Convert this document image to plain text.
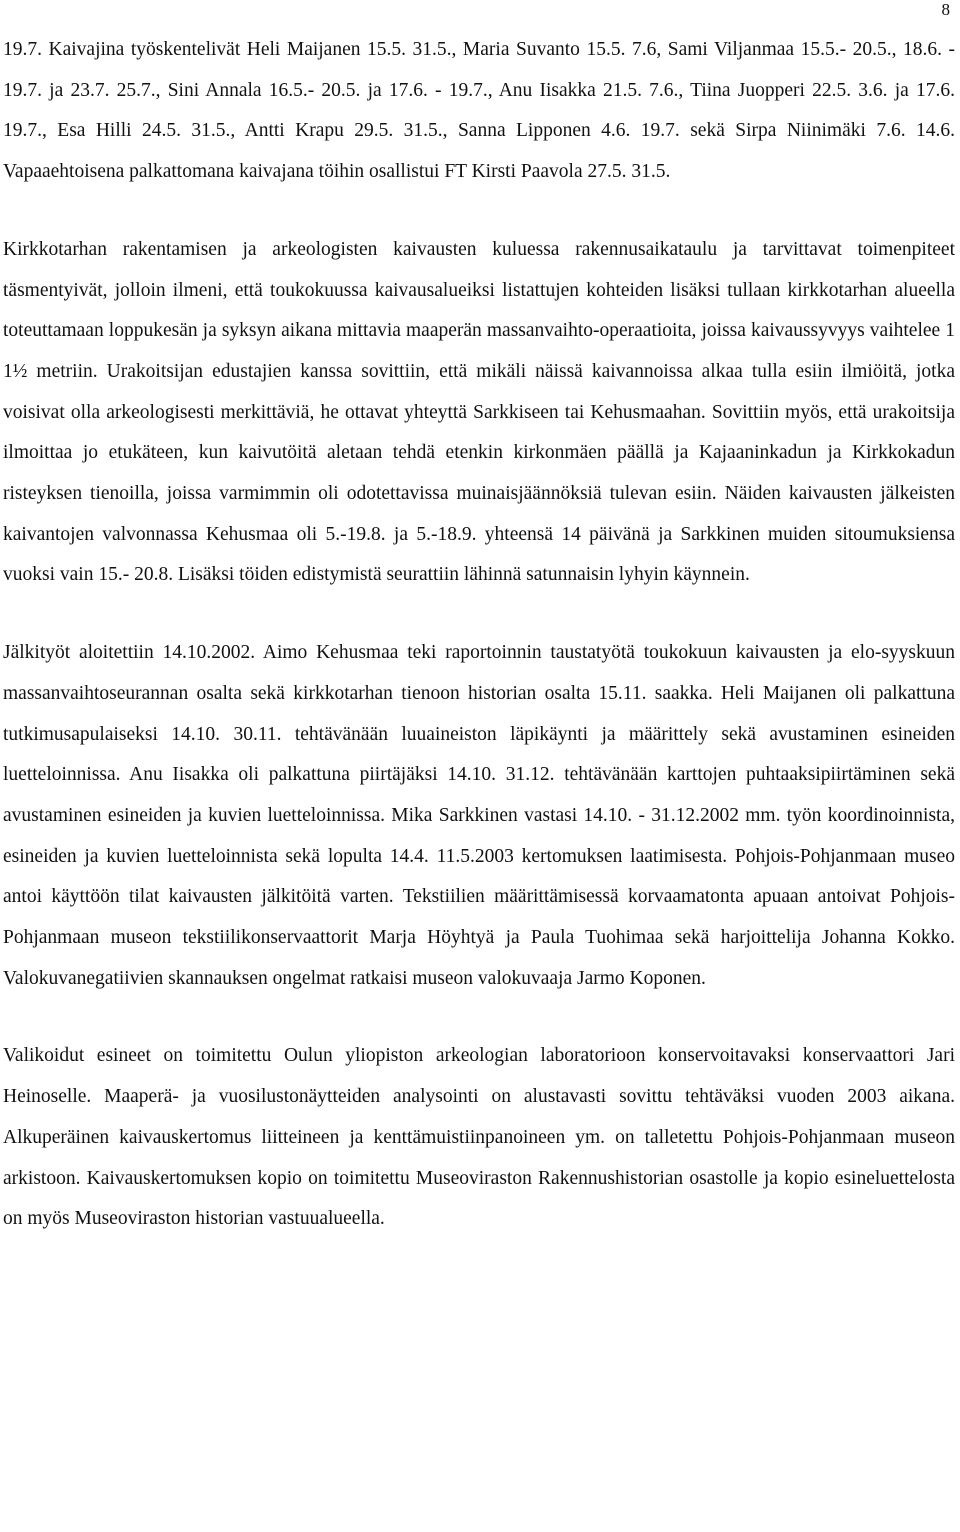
8

19.7. Kaivajina työskentelivät Heli Maijanen 15.5. 31.5., Maria Suvanto 15.5. 7.6, Sami Viljanmaa 15.5.- 20.5., 18.6. - 19.7. ja 23.7. 25.7., Sini Annala 16.5.- 20.5. ja 17.6. - 19.7., Anu Iisakka 21.5. 7.6., Tiina Juopperi 22.5. 3.6. ja 17.6. 19.7., Esa Hilli 24.5. 31.5., Antti Krapu 29.5. 31.5., Sanna Lipponen 4.6. 19.7. sekä Sirpa Niinimäki 7.6. 14.6. Vapaaehtoisena palkattomana kaivajana töihin osallistui FT Kirsti Paavola 27.5. 31.5.

Kirkkotarhan rakentamisen ja arkeologisten kaivausten kuluessa rakennusaikataulu ja tarvittavat toimenpiteet täsmentyivät, jolloin ilmeni, että toukokuussa kaivausalueiksi listattujen kohteiden lisäksi tullaan kirkkotarhan alueella toteuttamaan loppukesän ja syksyn aikana mittavia maaperän massanvaihto-operaatioita, joissa kaivaussyvyys vaihtelee 1 1½ metriin. Urakoitsijan edustajien kanssa sovittiin, että mikäli näissä kaivannoissa alkaa tulla esiin ilmiöitä, jotka voisivat olla arkeologisesti merkittäviä, he ottavat yhteyttä Sarkkiseen tai Kehusmaahan. Sovittiin myös, että urakoitsija ilmoittaa jo etukäteen, kun kaivutöitä aletaan tehdä etenkin kirkonmäen päällä ja Kajaaninkadun ja Kirkkokadun risteyksen tienoilla, joissa varmimmin oli odotettavissa muinaisjäännöksiä tulevan esiin. Näiden kaivausten jälkeisten kaivantojen valvonnassa Kehusmaa oli 5.-19.8. ja 5.-18.9. yhteensä 14 päivänä ja Sarkkinen muiden sitoumuksiensa vuoksi vain 15.- 20.8. Lisäksi töiden edistymistä seurattiin lähinnä satunnaisin lyhyin käynnein.

Jälkityöt aloitettiin 14.10.2002. Aimo Kehusmaa teki raportoinnin taustatyötä toukokuun kaivausten ja elo-syyskuun massanvaihtoseurannan osalta sekä kirkkotarhan tienoon historian osalta 15.11. saakka. Heli Maijanen oli palkattuna tutkimusapulaiseksi 14.10. 30.11. tehtävänään luuaineiston läpikäynti ja määrittely sekä avustaminen esineiden luetteloinnissa. Anu Iisakka oli palkattuna piirtäjäksi 14.10. 31.12. tehtävänään karttojen puhtaaksipiirtäminen sekä avustaminen esineiden ja kuvien luetteloinnissa. Mika Sarkkinen vastasi 14.10. - 31.12.2002 mm. työn koordinoinnista, esineiden ja kuvien luetteloinnista sekä lopulta 14.4. 11.5.2003 kertomuksen laatimisesta. Pohjois-Pohjanmaan museo antoi käyttöön tilat kaivausten jälkitöitä varten. Tekstiilien määrittämisessä korvaamatonta apuaan antoivat Pohjois-Pohjanmaan museon tekstiilikonservaattorit Marja Höyhtyä ja Paula Tuohimaa sekä harjoittelija Johanna Kokko. Valokuvanegatiivien skannauksen ongelmat ratkaisi museon valokuvaaja Jarmo Koponen.

Valikoidut esineet on toimitettu Oulun yliopiston arkeologian laboratorioon konservoitavaksi konservaattori Jari Heinoselle. Maaperä- ja vuosilustonäytteiden analysointi on alustavasti sovittu tehtäväksi vuoden 2003 aikana. Alkuperäinen kaivauskertomus liitteineen ja kenttämuistiinpanoineen ym. on talletettu Pohjois-Pohjanmaan museon arkistoon. Kaivauskertomuksen kopio on toimitettu Museoviraston Rakennushistorian osastolle ja kopio esineluettelosta on myös Museoviraston historian vastuualueella.
